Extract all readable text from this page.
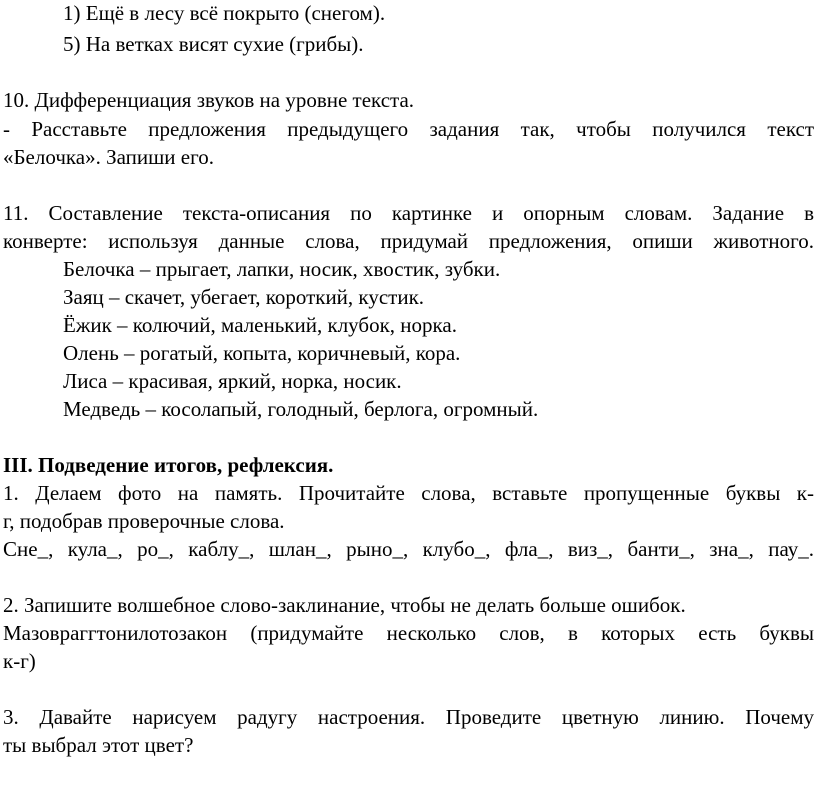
1) Ещё в лесу всё покрыто (снегом).
5) На ветках висят сухие (грибы).
10. Дифференциация звуков на уровне текста.
- Расставьте предложения предыдущего задания так, чтобы получился текст
«Белочка». Запиши его.
11. Составление текста-описания по картинке и опорным словам. Задание в
конверте: используя данные слова, придумай предложения, опиши животного.
Белочка – прыгает, лапки, носик, хвостик, зубки.
Заяц – скачет, убегает, короткий, кустик.
Ёжик – колючий, маленький, клубок, норка.
Олень – рогатый, копыта, коричневый, кора.
Лиса – красивая, яркий, норка, носик.
Медведь – косолапый, голодный, берлога, огромный.
III. Подведение итогов, рефлексия.
1. Делаем фото на память. Прочитайте слова, вставьте пропущенные буквы к-
г, подобрав проверочные слова.
Сне_, кула_, ро_, каблу_, шлан_, рыно_, клубо_, фла_, виз_, банти_, зна_, пау_.
2. Запишите волшебное слово-заклинание, чтобы не делать больше ошибок.
Мазовраггтонилотозакон (придумайте несколько слов, в которых есть буквы
к-г)
3. Давайте нарисуем радугу настроения. Проведите цветную линию. Почему
ты выбрал этот цвет?
